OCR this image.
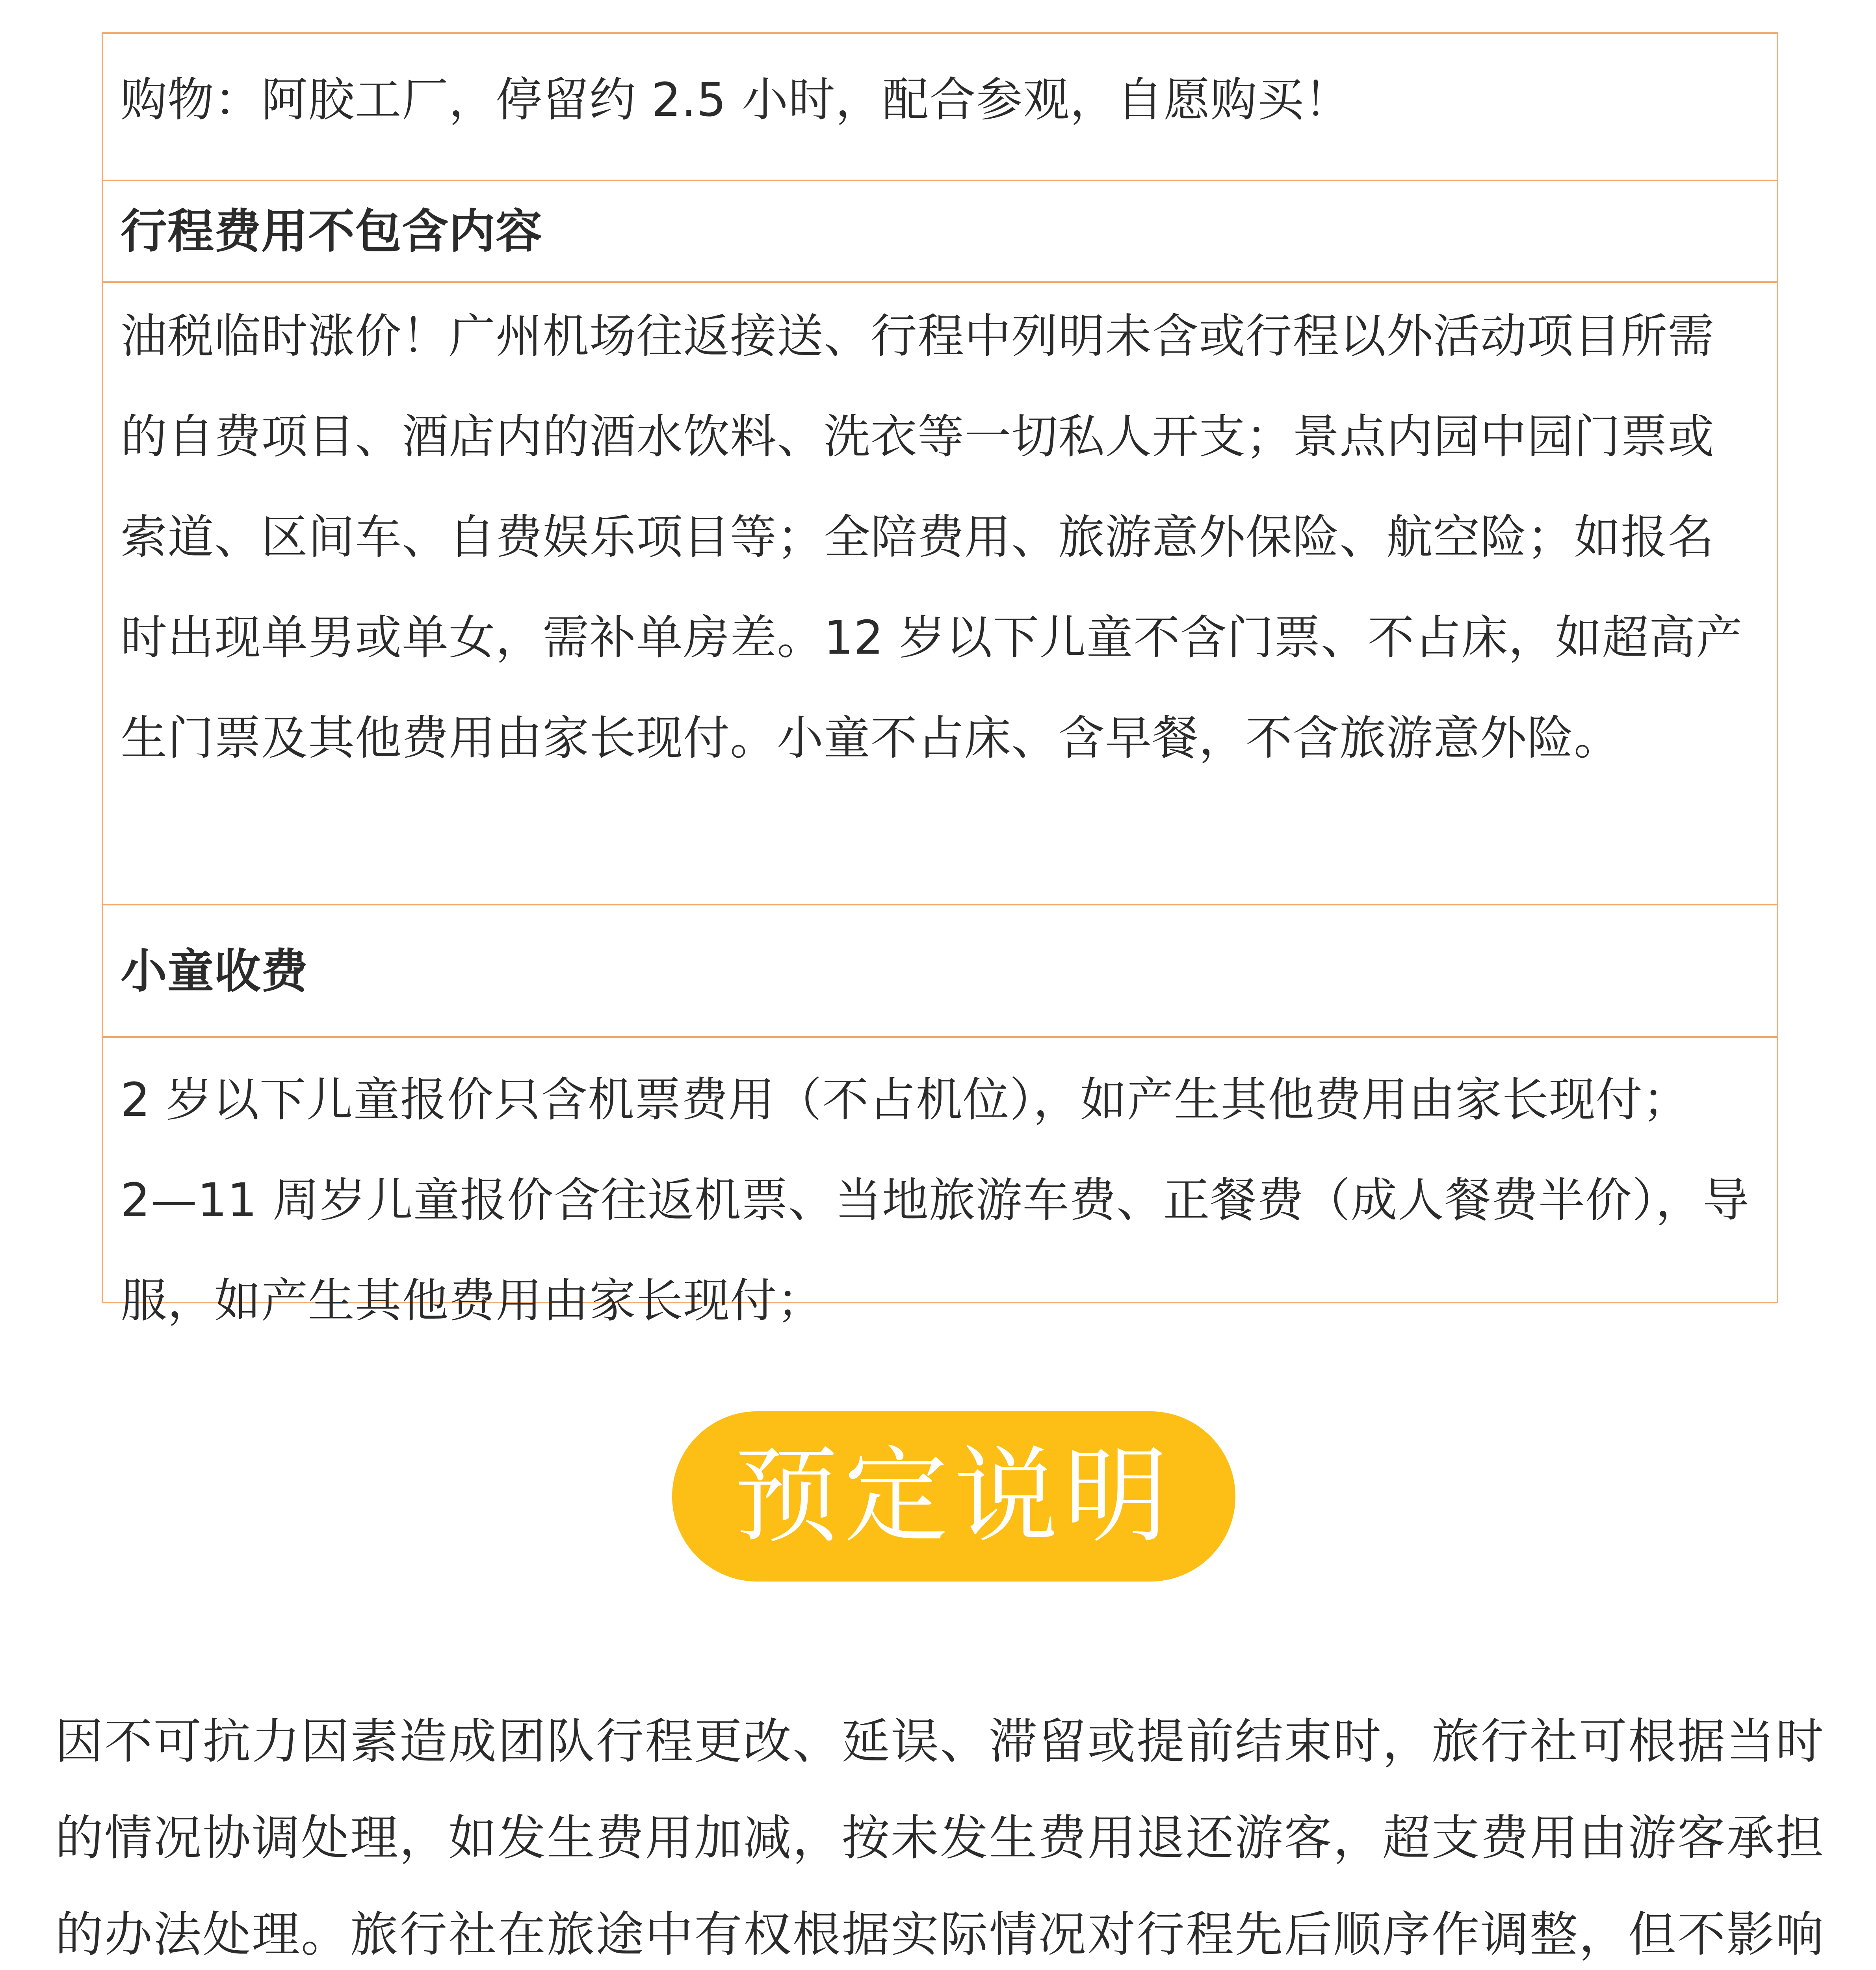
购物：阿胶工厂，停留约 2.5 小时，配合参观，自愿购买！
行程费用不包含内容
油税临时涨价！广州机场往返接送、行程中列明未含或行程以外活动项目所需的自费项目、酒店内的酒水饮料、洗衣等一切私人开支；景点内园中园门票或索道、区间车、自费娱乐项目等；全陪费用、旅游意外保险、航空险；如报名时出现单男或单女，需补单房差。12 岁以下儿童不含门票、不占床，如超高产生门票及其他费用由家长现付。小童不占床、含早餐，不含旅游意外险。
小童收费
2 岁以下儿童报价只含机票费用（不占机位），如产生其他费用由家长现付；
2—11 周岁儿童报价含往返机票、当地旅游车费、正餐费（成人餐费半价），导服，如产生其他费用由家长现付；
预定说明

因不可抗力因素造成团队行程更改、延误、滞留或提前结束时，旅行社可根据当时的情况协调处理，如发生费用加减，按未发生费用退还游客，超支费用由游客承担的办法处理。旅行社在旅途中有权根据实际情况对行程先后顺序作调整，但不影响
